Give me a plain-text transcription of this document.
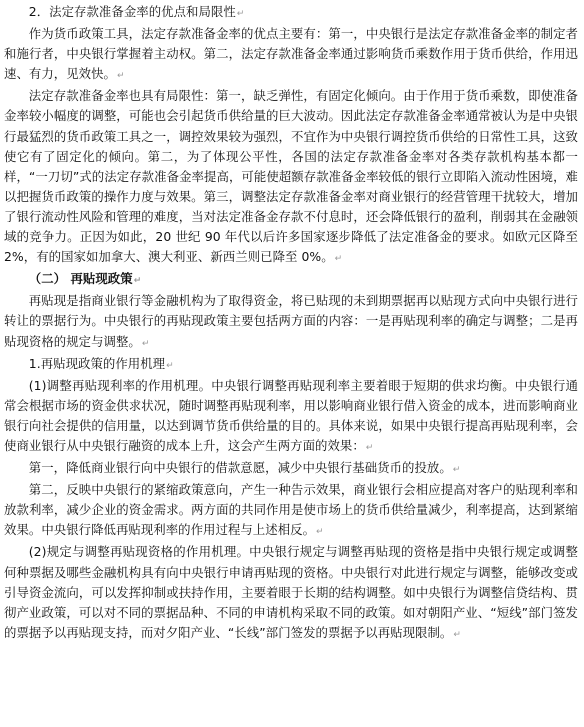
2．法定存款准备金率的优点和局限性↵

作为货币政策工具，法定存款准备金率的优点主要有：第一，中央银行是法定存款准备金率的制定者和施行者，中央银行掌握着主动权。第二，法定存款准备金率通过影响货币乘数作用于货币供给，作用迅速、有力，见效快。↵

法定存款准备金率也具有局限性：第一，缺乏弹性，有固定化倾向。由于作用于货币乘数，即使准备金率较小幅度的调整，可能也会引起货币供给量的巨大波动。因此法定存款准备金率通常被认为是中央银行最猛烈的货币政策工具之一，调控效果较为强烈，不宜作为中央银行调控货币供给的日常性工具，这致使它有了固定化的倾向。第二，为了体现公平性，各国的法定存款准备金率对各类存款机构基本都一样，“一刀切”式的法定存款准备金率提高，可能使超额存款准备金率较低的银行立即陷入流动性困境，难以把握货币政策的操作力度与效果。第三，调整法定存款准备金率对商业银行的经营管理干扰较大，增加了银行流动性风险和管理的难度，当对法定准备金存款不付息时，还会降低银行的盈利，削弱其在金融领域的竞争力。正因为如此，20 世纪 90 年代以后许多国家逐步降低了法定准备金的要求。如欧元区降至 2%，有的国家如加拿大、澳大利亚、新西兰则已降至 0%。↵

（二） 再贴现政策↵

再贴现是指商业银行等金融机构为了取得资金，将已贴现的未到期票据再以贴现方式向中央银行进行转让的票据行为。中央银行的再贴现政策主要包括两方面的内容：一是再贴现利率的确定与调整；二是再贴现资格的规定与调整。↵

1.再贴现政策的作用机理↵

(1)调整再贴现利率的作用机理。中央银行调整再贴现利率主要着眼于短期的供求均衡。中央银行通常会根据市场的资金供求状况，随时调整再贴现利率，用以影响商业银行借入资金的成本，进而影响商业银行向社会提供的信用量，以达到调节货币供给量的目的。具体来说，如果中央银行提高再贴现利率，会使商业银行从中央银行融资的成本上升，这会产生两方面的效果：↵

第一，降低商业银行向中央银行的借款意愿，减少中央银行基础货币的投放。↵

第二，反映中央银行的紧缩政策意向，产生一种告示效果，商业银行会相应提高对客户的贴现利率和放款利率，减少企业的资金需求。两方面的共同作用是使市场上的货币供给量减少，利率提高，达到紧缩效果。中央银行降低再贴现利率的作用过程与上述相反。↵

(2)规定与调整再贴现资格的作用机理。中央银行规定与调整再贴现的资格是指中央银行规定或调整何种票据及哪些金融机构具有向中央银行申请再贴现的资格。中央银行对此进行规定与调整，能够改变或引导资金流向，可以发挥抑制或扶持作用，主要着眼于长期的结构调整。如中央银行为调整信贷结构、贯彻产业政策，可以对不同的票据品种、不同的申请机构采取不同的政策。如对朝阳产业、“短线”部门签发的票据予以再贴现支持，而对夕阳产业、“长线”部门签发的票据予以再贴现限制。↵
